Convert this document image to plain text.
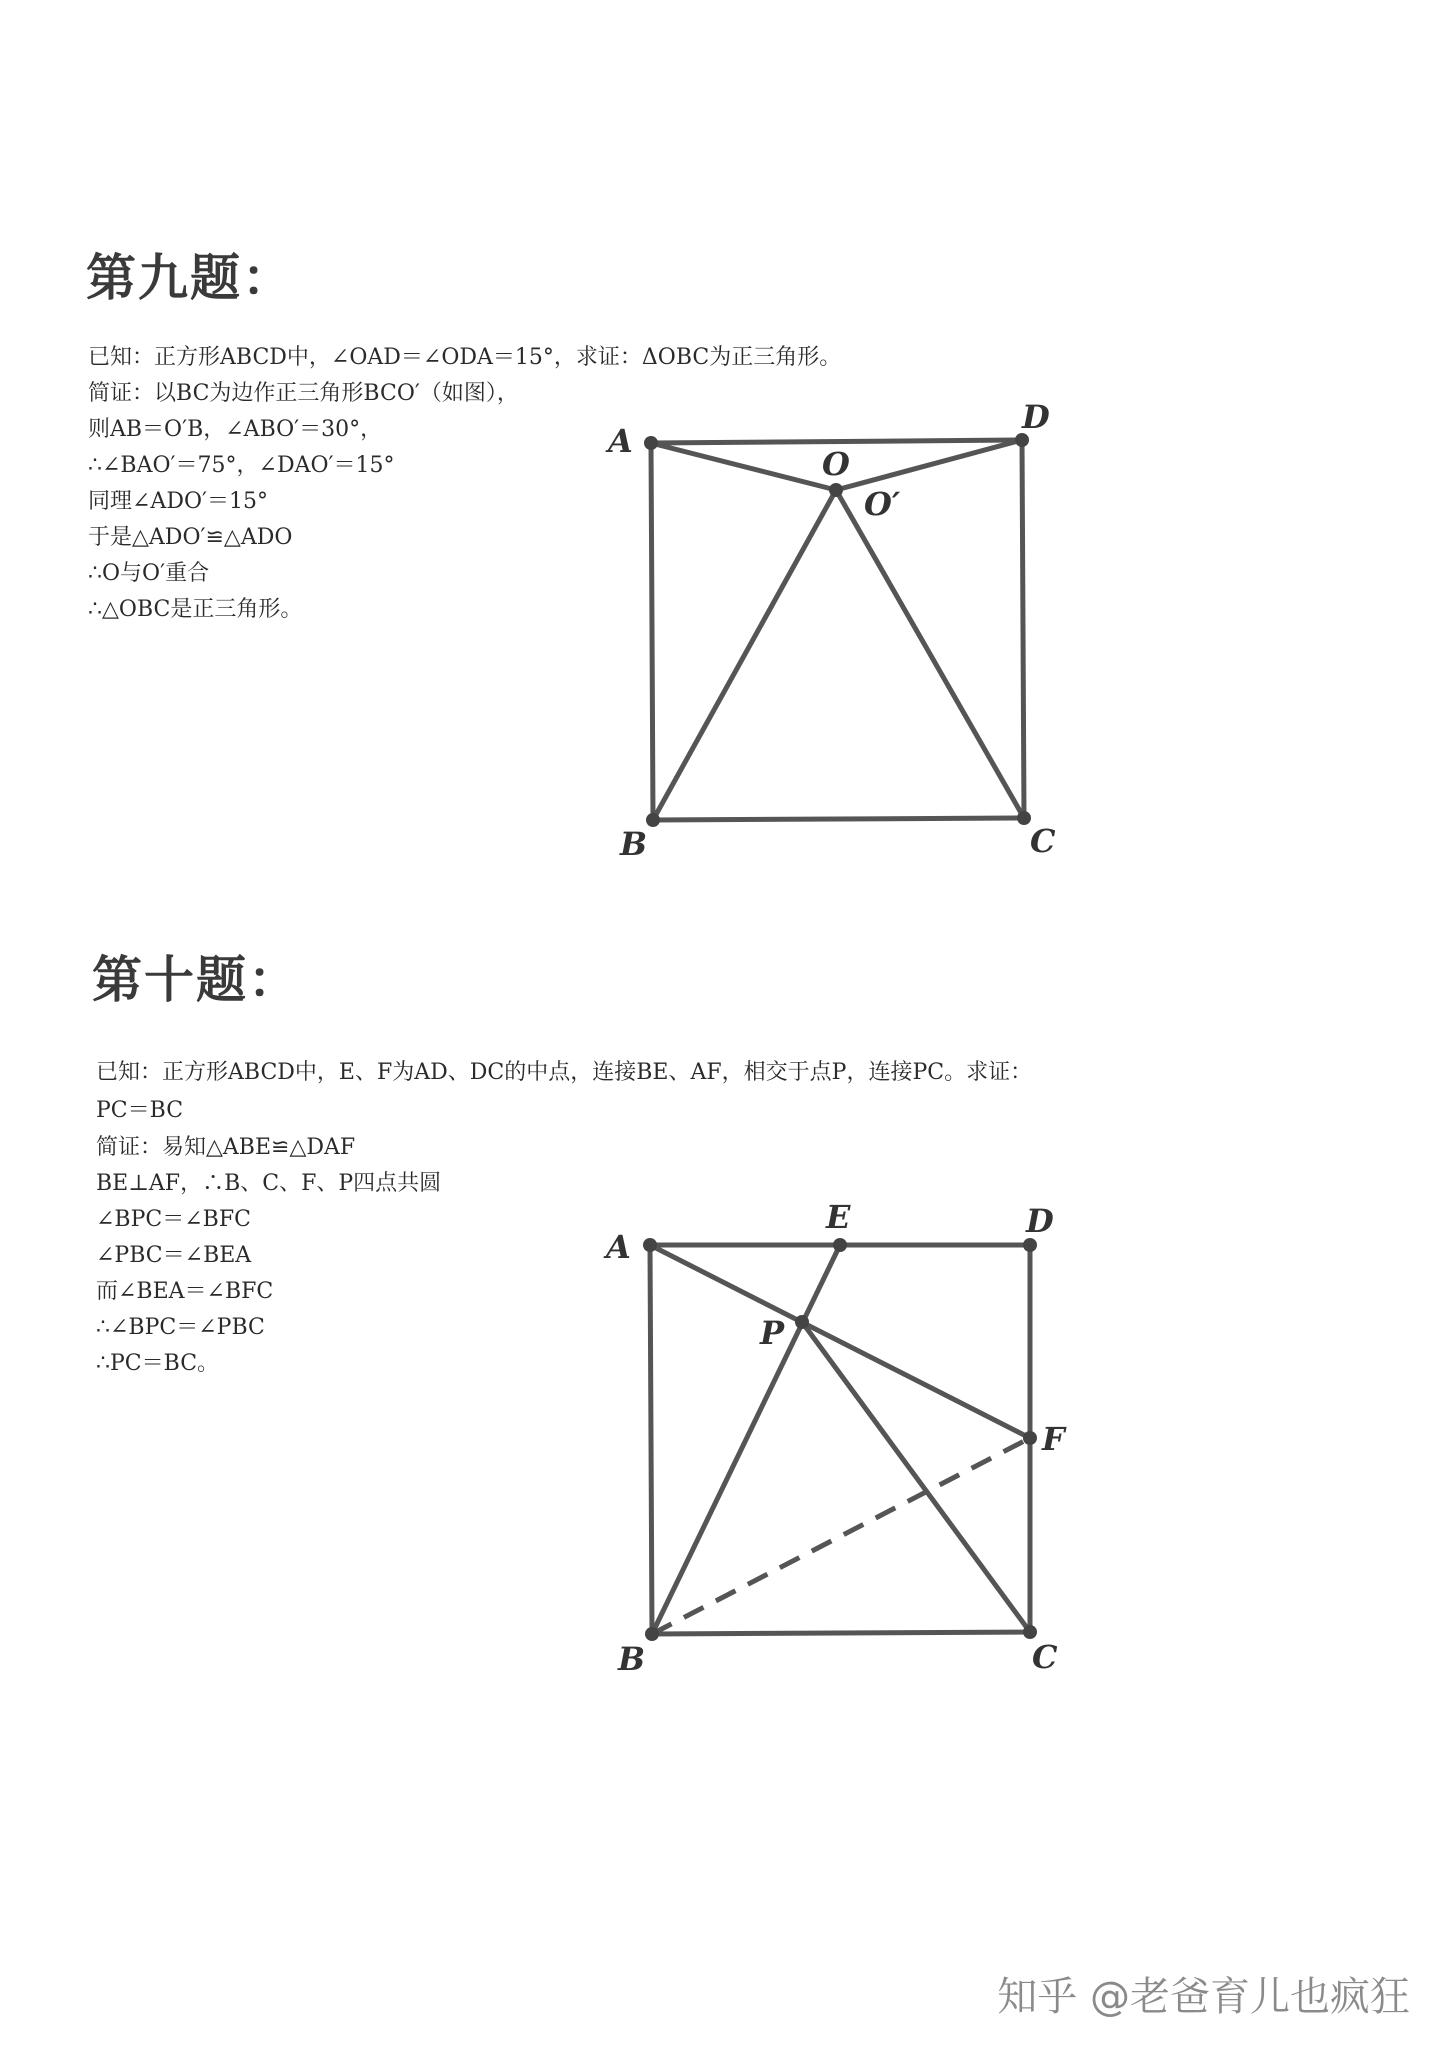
第九题：
已知：正方形ABCD中，∠OAD＝∠ODA＝15°，求证：ΔOBC为正三角形。
简证：以BC为边作正三角形BCO′（如图），
则AB＝O′B，∠ABO′＝30°，
∴∠BAO′＝75°，∠DAO′＝15°
同理∠ADO′＝15°
于是△ADO′≌△ADO
∴O与O′重合
∴△OBC是正三角形。
A
D
O
O′
B	C
第十题：
已知：正方形ABCD中，E、F为AD、DC的中点，连接BE、AF，相交于点P，连接PC。求证：PC＝BC
简证：易知△ABE≌△DAF
BE⊥AF，∴B、C、F、P四点共圆
∠BPC＝∠BFC
∠PBC＝∠BEA
而∠BEA＝∠BFC
∴∠BPC＝∠PBC
∴PC＝BC。
A
E	D
P
F
B	C
知乎 @老爸育儿也疯狂
